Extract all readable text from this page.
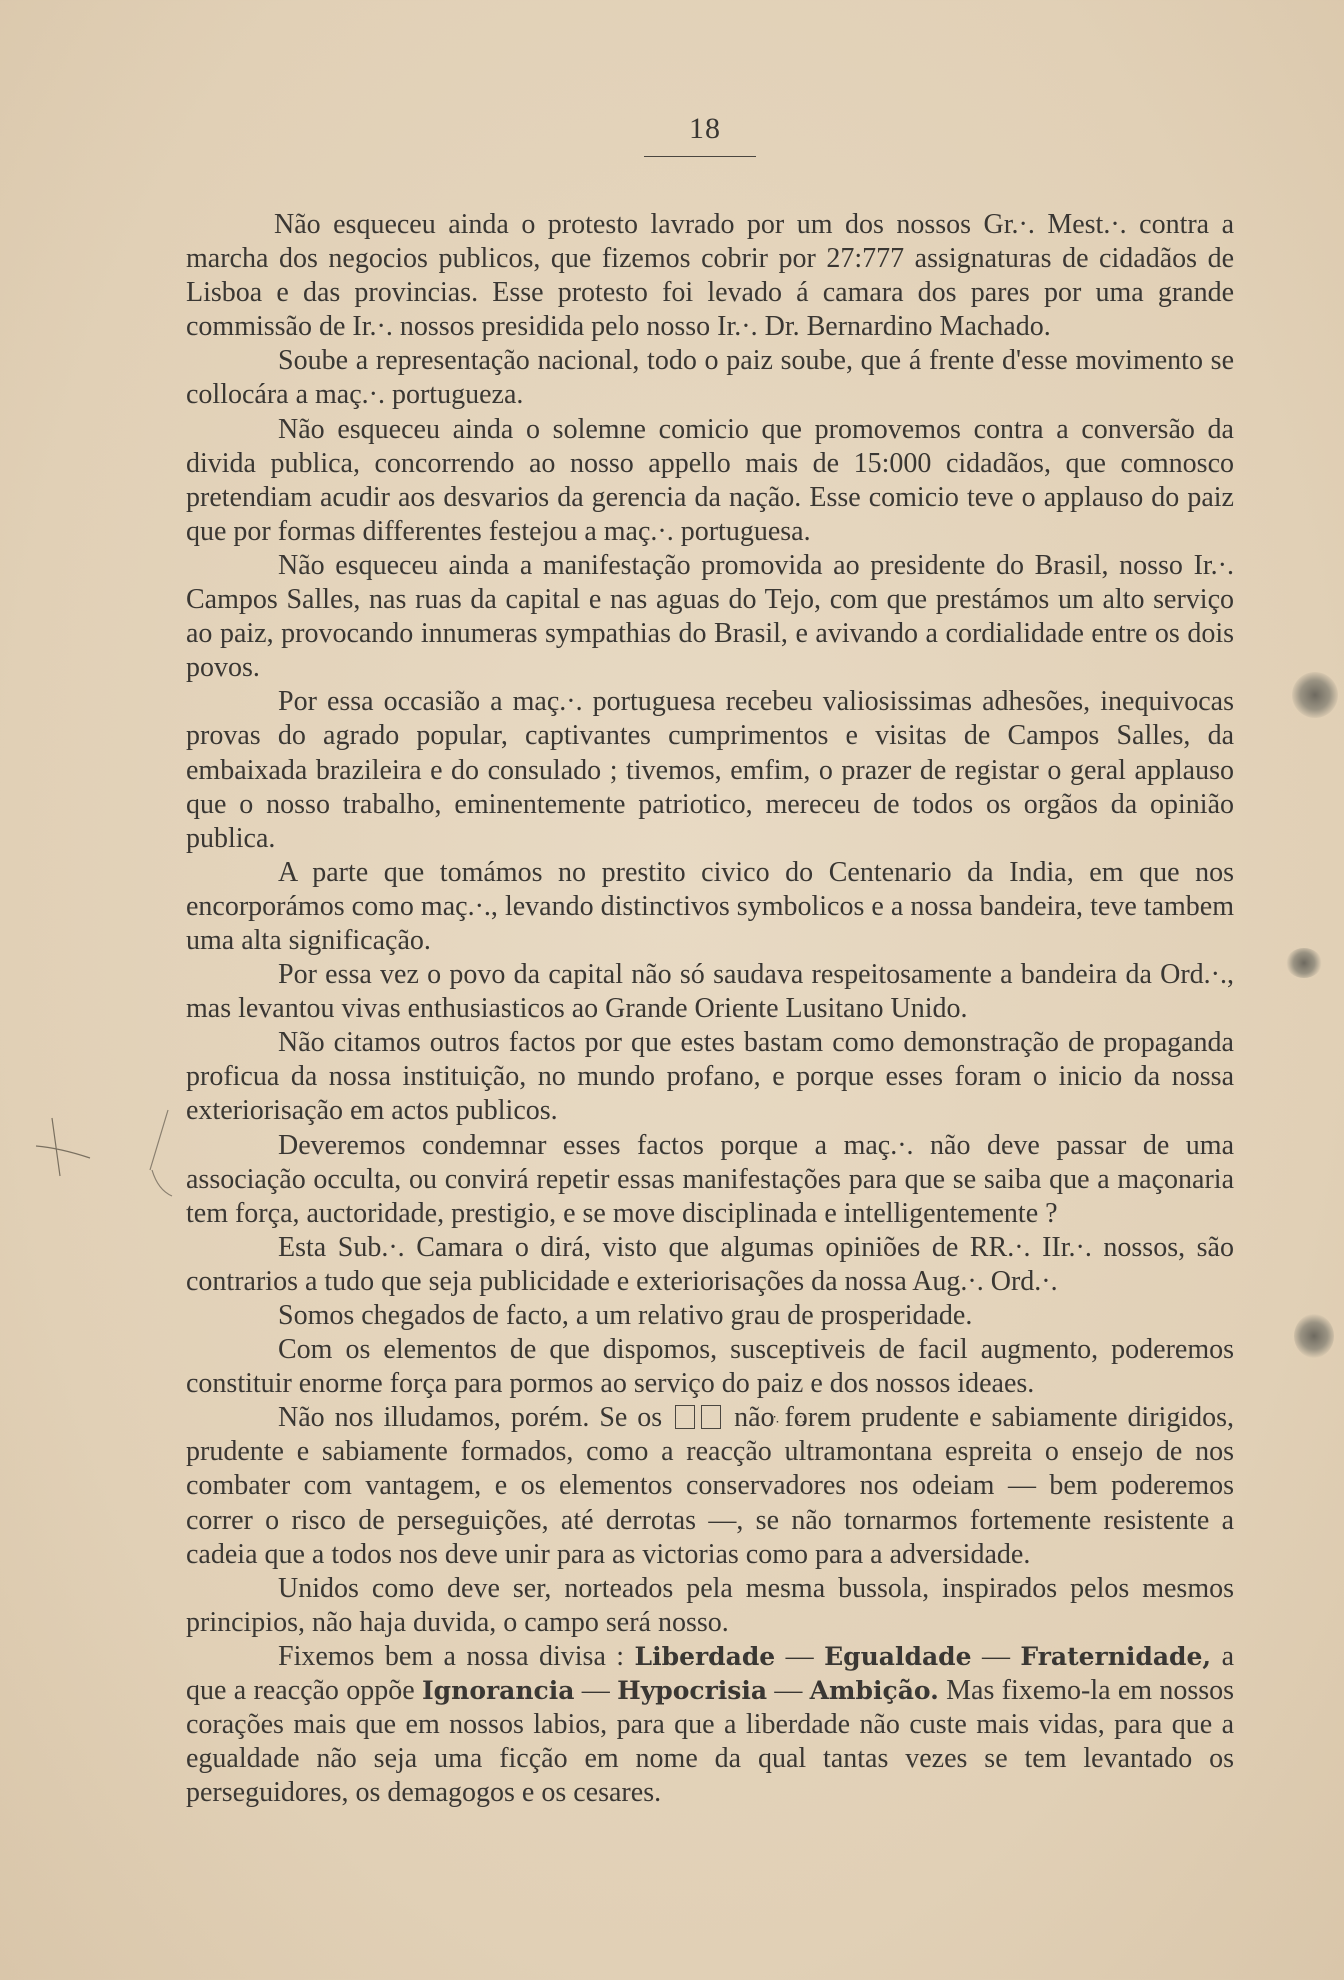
18

Não esqueceu ainda o protesto lavrado por um dos nossos Gr.·. Mest.·. contra a marcha dos negocios publicos, que fizemos cobrir por 27:777 assignaturas de cidadãos de Lisboa e das provincias. Esse protesto foi levado á camara dos pares por uma grande commissão de Ir.·. nossos presidida pelo nosso Ir.·. Dr. Bernardino Machado.

Soube a representação nacional, todo o paiz soube, que á frente d'esse movimento se collocára a maç.·. portugueza.

Não esqueceu ainda o solemne comicio que promovemos contra a conversão da divida publica, concorrendo ao nosso appello mais de 15:000 cidadãos, que comnosco pretendiam acudir aos desvarios da gerencia da nação. Esse comicio teve o applauso do paiz que por formas differentes festejou a maç.·. portuguesa.

Não esqueceu ainda a manifestação promovida ao presidente do Brasil, nosso Ir.·. Campos Salles, nas ruas da capital e nas aguas do Tejo, com que prestámos um alto serviço ao paiz, provocando innumeras sympathias do Brasil, e avivando a cordialidade entre os dois povos.

Por essa occasião a maç.·. portuguesa recebeu valiosissimas adhesões, inequivocas provas do agrado popular, captivantes cumprimentos e visitas de Campos Salles, da embaixada brazileira e do consulado ; tivemos, emfim, o prazer de registar o geral applauso que o nosso trabalho, eminentemente patriotico, mereceu de todos os orgãos da opinião publica.

A parte que tomámos no prestito civico do Centenario da India, em que nos encorporámos como maç.·., levando distinctivos symbolicos e a nossa bandeira, teve tambem uma alta significação.

Por essa vez o povo da capital não só saudava respeitosamente a bandeira da Ord.·., mas levantou vivas enthusiasticos ao Grande Oriente Lusitano Unido.

Não citamos outros factos por que estes bastam como demonstração de propaganda proficua da nossa instituição, no mundo profano, e porque esses foram o inicio da nossa exteriorisação em actos publicos.

Deveremos condemnar esses factos porque a maç.·. não deve passar de uma associação occulta, ou convirá repetir essas manifestações para que se saiba que a maçonaria tem força, auctoridade, prestigio, e se move disciplinada e intelligentemente ?

Esta Sub.·. Camara o dirá, visto que algumas opiniões de RR.·. IIr.·. nossos, são contrarios a tudo que seja publicidade e exteriorisações da nossa Aug.·. Ord.·.

Somos chegados de facto, a um relativo grau de prosperidade.

Com os elementos de que dispomos, susceptiveis de facil augmento, poderemos constituir enorme força para pormos ao serviço do paiz e dos nossos ideaes.

Não nos illudamos, porém. Se os ∴ ∴	não forem prudente e sabiamente dirigidos, prudente e sabiamente formados, como a reacção ultramontana espreita o ensejo de nos combater com vantagem, e os elementos conservadores nos odeiam — bem poderemos correr o risco de perseguições, até derrotas —, se não tornarmos fortemente resistente a cadeia que a todos nos deve unir para as victorias como para a adversidade.

Unidos como deve ser, norteados pela mesma bussola, inspirados pelos mesmos principios, não haja duvida, o campo será nosso.

Fixemos bem a nossa divisa : Liberdade — Egualdade — Fraternidade, a que a reacção oppõe Ignorancia — Hypocrisia — Ambição. Mas fixemo-la em nossos corações mais que em nossos labios, para que a liberdade não custe mais vidas, para que a egualdade não seja uma ficção em nome da qual tantas vezes se tem levantado os perseguidores, os demagogos e os cesares.
